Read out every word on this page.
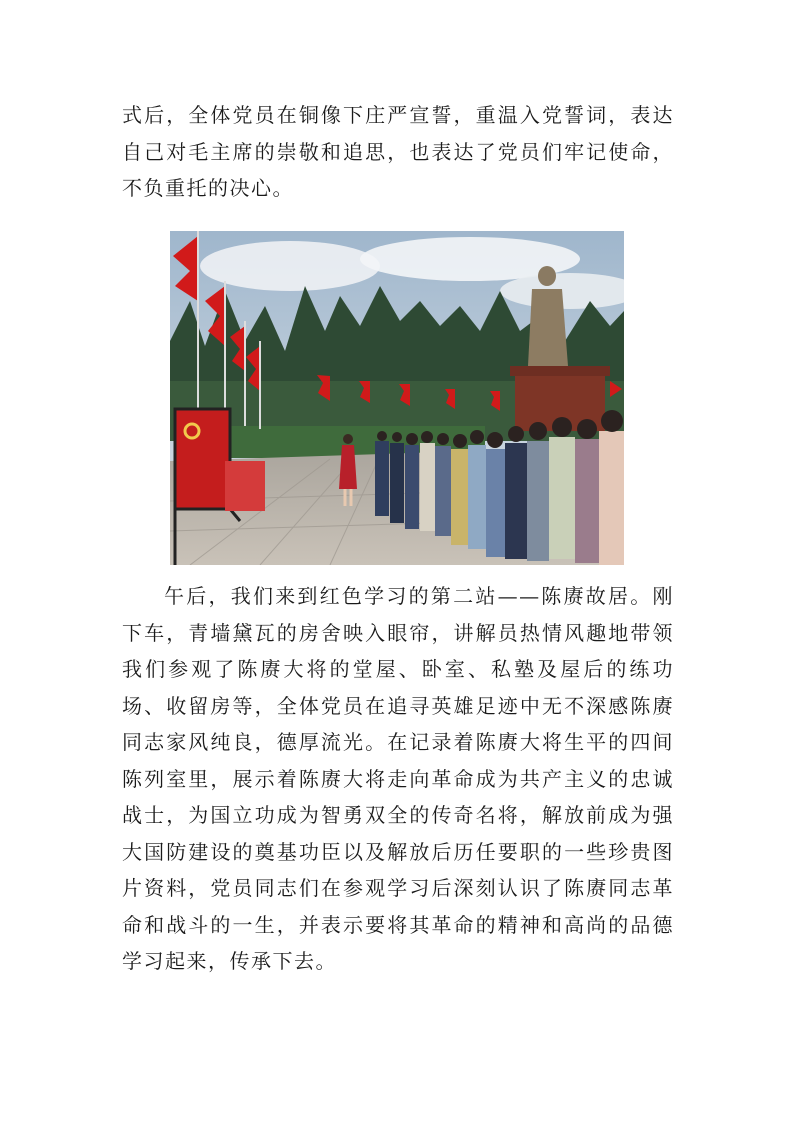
式后，全体党员在铜像下庄严宣誓，重温入党誓词，表达自己对毛主席的崇敬和追思，也表达了党员们牢记使命，不负重托的决心。

午后，我们来到红色学习的第二站——陈赓故居。刚下车，青墙黛瓦的房舍映入眼帘，讲解员热情风趣地带领我们参观了陈赓大将的堂屋、卧室、私塾及屋后的练功场、收留房等，全体党员在追寻英雄足迹中无不深感陈赓同志家风纯良，德厚流光。在记录着陈赓大将生平的四间陈列室里，展示着陈赓大将走向革命成为共产主义的忠诚战士，为国立功成为智勇双全的传奇名将，解放前成为强大国防建设的奠基功臣以及解放后历任要职的一些珍贵图片资料，党员同志们在参观学习后深刻认识了陈赓同志革命和战斗的一生，并表示要将其革命的精神和高尚的品德学习起来，传承下去。
